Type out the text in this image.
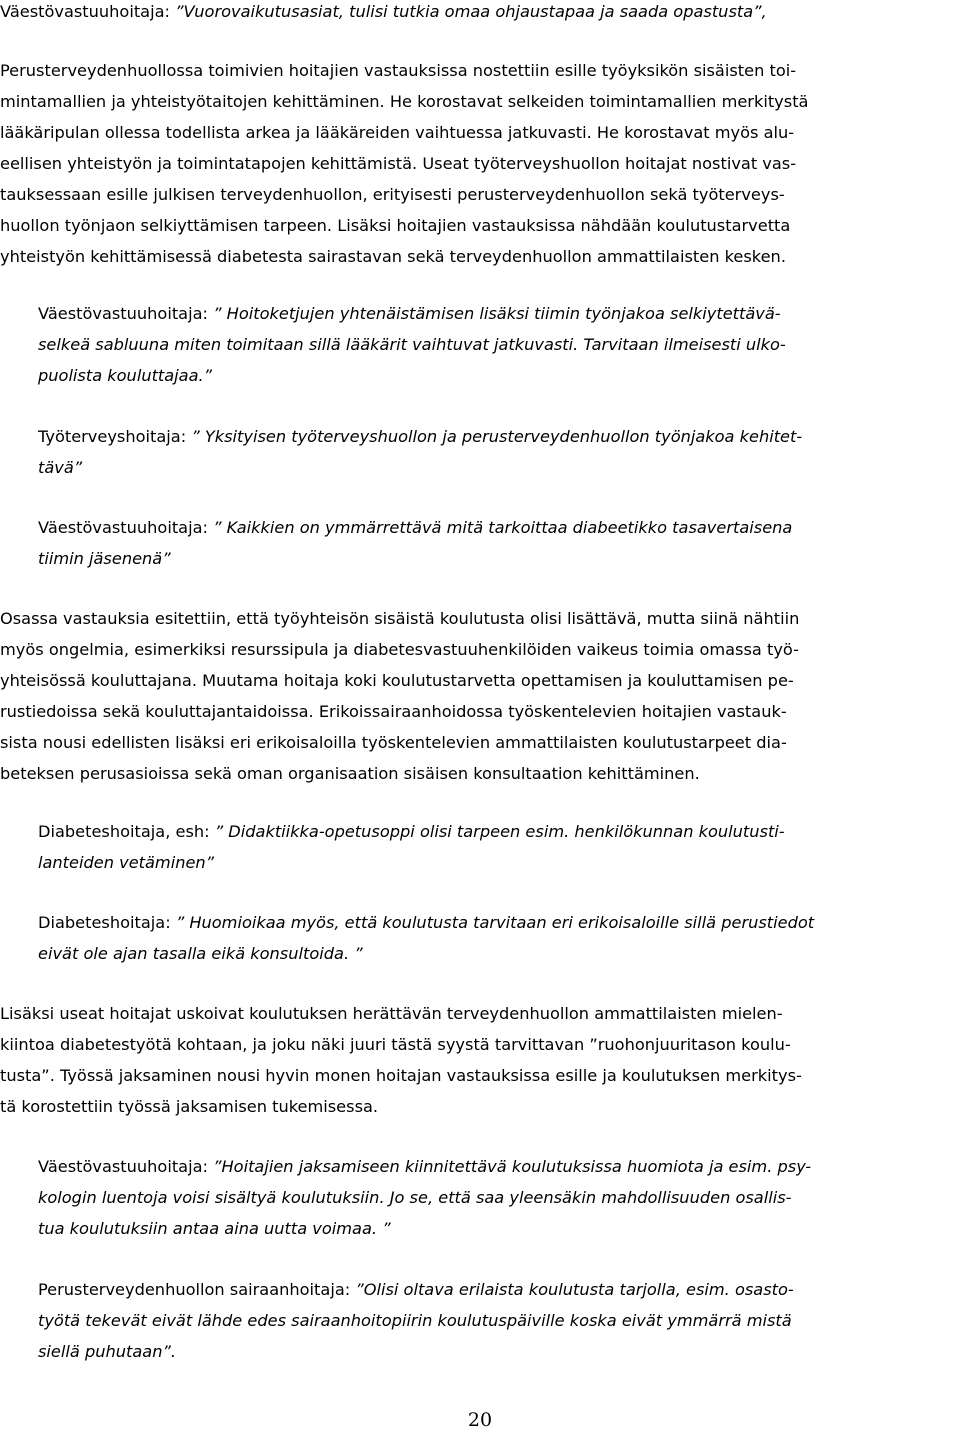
Väestövastuuhoitaja: ”Vuorovaikutusasiat, tulisi tutkia omaa ohjaustapaa ja saada opastusta”,
Perusterveydenhuollossa toimivien hoitajien vastauksissa nostettiin esille työyksikön sisäisten toi-
mintamallien ja yhteistyötaitojen kehittäminen. He korostavat selkeiden toimintamallien merkitystä
lääkäripulan ollessa todellista arkea ja lääkäreiden vaihtuessa jatkuvasti. He korostavat myös alu-
eellisen yhteistyön ja toimintatapojen kehittämistä. Useat työterveyshuollon hoitajat nostivat vas-
tauksessaan esille julkisen terveydenhuollon, erityisesti perusterveydenhuollon sekä työterveys-
huollon työnjaon selkiyttämisen tarpeen. Lisäksi hoitajien vastauksissa nähdään koulutustarvetta
yhteistyön kehittämisessä diabetesta sairastavan sekä terveydenhuollon ammattilaisten kesken.
Väestövastuuhoitaja: ” Hoitoketjujen yhtenäistämisen lisäksi tiimin työnjakoa selkiytettävä-
selkeä sabluuna miten toimitaan sillä lääkärit vaihtuvat jatkuvasti. Tarvitaan ilmeisesti ulko-
puolista kouluttajaa.”
Työterveyshoitaja: ” Yksityisen työterveyshuollon ja perusterveydenhuollon työnjakoa kehitet-
tävä”
Väestövastuuhoitaja: ” Kaikkien on ymmärrettävä mitä tarkoittaa diabeetikko tasavertaisena
tiimin jäsenenä”
Osassa vastauksia esitettiin, että työyhteisön sisäistä koulutusta olisi lisättävä, mutta siinä nähtiin
myös ongelmia, esimerkiksi resurssipula ja diabetesvastuuhenkilöiden vaikeus toimia omassa työ-
yhteisössä kouluttajana. Muutama hoitaja koki koulutustarvetta opettamisen ja kouluttamisen pe-
rustiedoissa sekä kouluttajantaidoissa. Erikoissairaanhoidossa työskentelevien hoitajien vastauk-
sista nousi edellisten lisäksi eri erikoisaloilla työskentelevien ammattilaisten koulutustarpeet dia-
beteksen perusasioissa sekä oman organisaation sisäisen konsultaation kehittäminen.
Diabeteshoitaja, esh: ” Didaktiikka-opetusoppi olisi tarpeen esim. henkilökunnan koulutusti-
lanteiden vetäminen”
Diabeteshoitaja: ” Huomioikaa myös, että koulutusta tarvitaan eri erikoisaloille sillä perustiedot
eivät ole ajan tasalla eikä konsultoida. ”
Lisäksi useat hoitajat uskoivat koulutuksen herättävän terveydenhuollon ammattilaisten mielen-
kiintoa diabetestyötä kohtaan, ja joku näki juuri tästä syystä tarvittavan ”ruohonjuuritason koulu-
tusta”. Työssä jaksaminen nousi hyvin monen hoitajan vastauksissa esille ja koulutuksen merkitys-
tä korostettiin työssä jaksamisen tukemisessa.
Väestövastuuhoitaja: ”Hoitajien jaksamiseen kiinnitettävä koulutuksissa huomiota ja esim. psy-
kologin luentoja voisi sisältyä koulutuksiin. Jo se, että saa yleensäkin mahdollisuuden osallis-
tua koulutuksiin antaa aina uutta voimaa. ”
Perusterveydenhuollon sairaanhoitaja: ”Olisi oltava erilaista koulutusta tarjolla, esim. osasto-
työtä tekevät eivät lähde edes sairaanhoitopiirin koulutuspäiville koska eivät ymmärrä mistä
siellä puhutaan”.
20
